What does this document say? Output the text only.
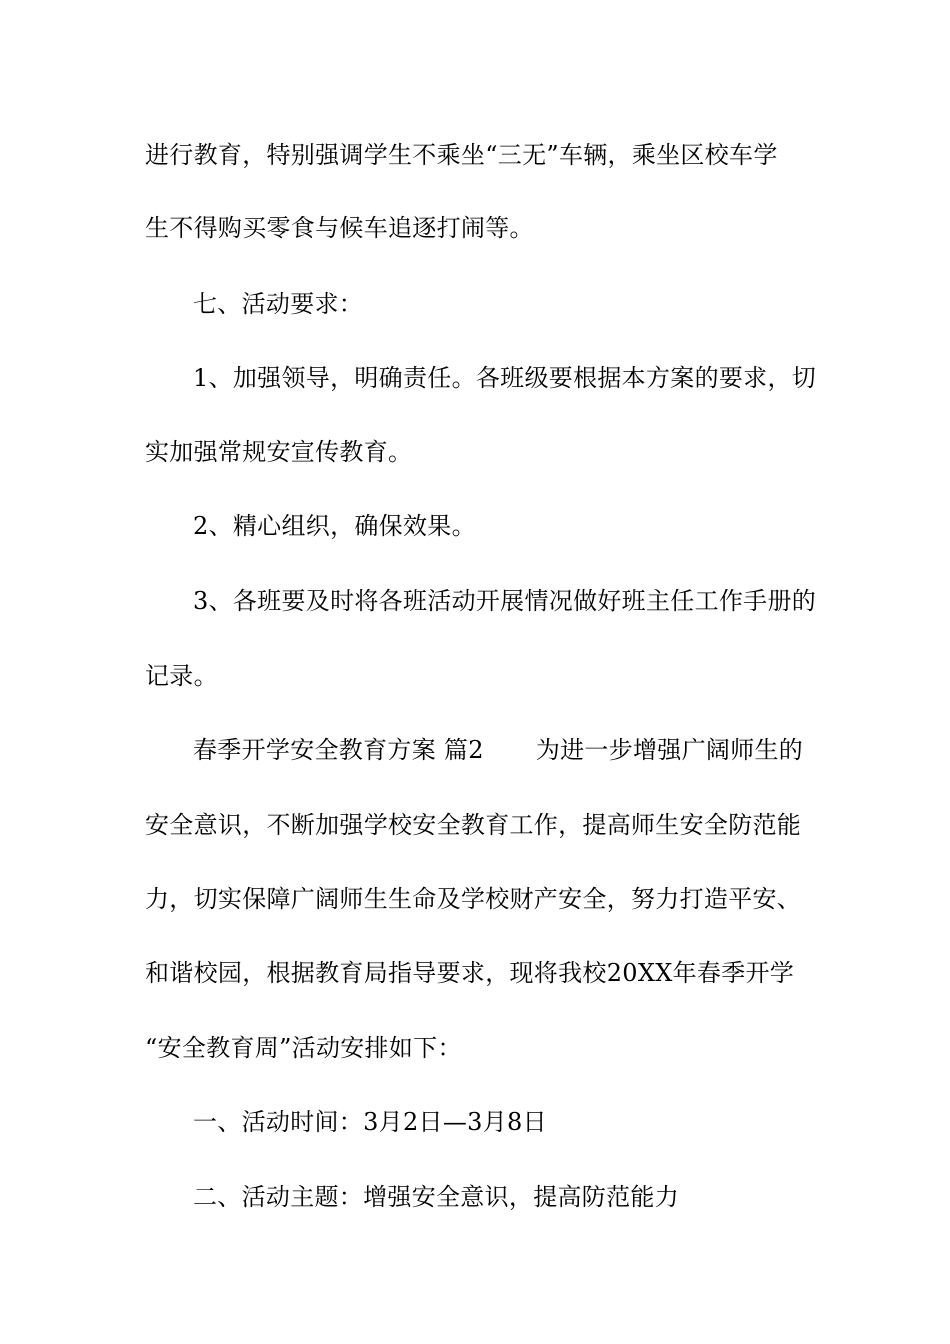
进行教育，特别强调学生不乘坐“三无”车辆，乘坐区校车学
生不得购买零食与候车追逐打闹等。
七、活动要求：
1、加强领导，明确责任。各班级要根据本方案的要求，切
实加强常规安宣传教育。
2、精心组织，确保效果。
3、各班要及时将各班活动开展情况做好班主任工作手册的
记录。
春季开学安全教育方案 篇2 为进一步增强广阔师生的
安全意识，不断加强学校安全教育工作，提高师生安全防范能
力，切实保障广阔师生生命及学校财产安全，努力打造平安、
和谐校园，根据教育局指导要求，现将我校20XX年春季开学
“安全教育周”活动安排如下：
一、活动时间：3月2日—3月8日
二、活动主题：增强安全意识，提高防范能力
